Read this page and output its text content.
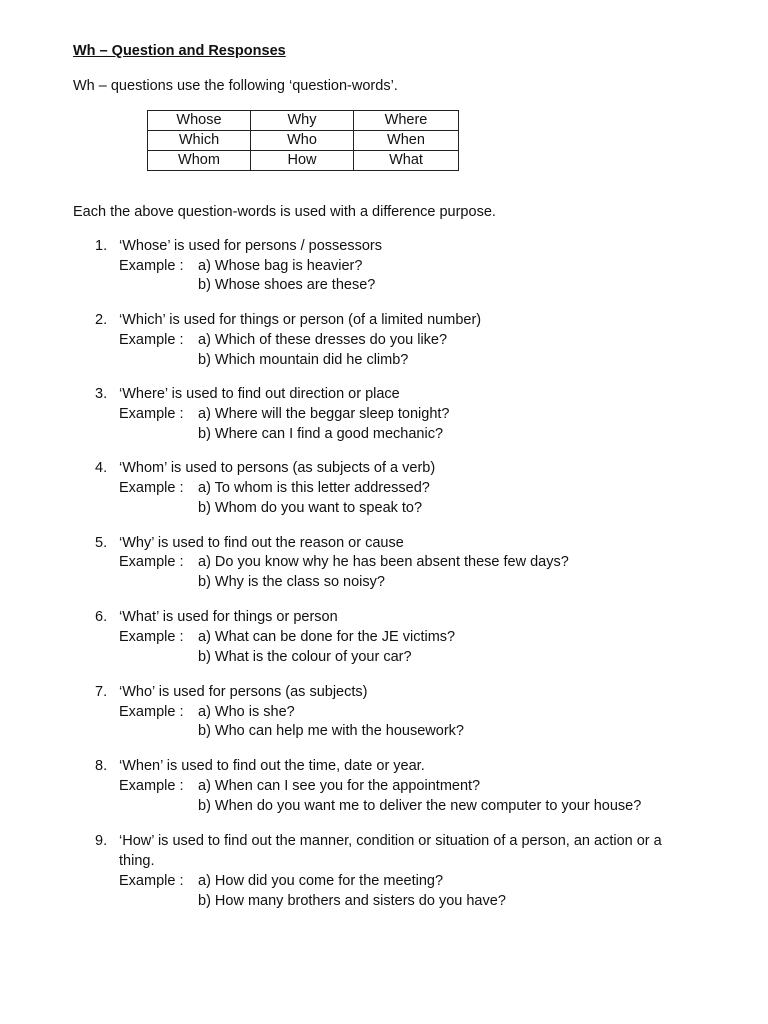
Wh – Question and Responses
Wh – questions use the following ‘question-words’.
Whose	Why	Where
Which	Who	When
Whom	How	What
Each the above question-words is used with a difference purpose.
1. ‘Whose’ is used for persons / possessors
Example : a) Whose bag is heavier?
b) Whose shoes are these?
2. ‘Which’ is used for things or person (of a limited number)
Example : a) Which of these dresses do you like?
b) Which mountain did he climb?
3. ‘Where’ is used to find out direction or place
Example : a) Where will the beggar sleep tonight?
b) Where can I find a good mechanic?
4. ‘Whom’ is used to persons (as subjects of a verb)
Example : a) To whom is this letter addressed?
b) Whom do you want to speak to?
5. ‘Why’ is used to find out the reason or cause
Example : a) Do you know why he has been absent these few days?
b) Why is the class so noisy?
6. ‘What’ is used for things or person
Example : a) What can be done for the JE victims?
b) What is the colour of your car?
7. ‘Who’ is used for persons (as subjects)
Example : a) Who is she?
b) Who can help me with the housework?
8. ‘When’ is used to find out the time, date or year.
Example : a) When can I see you for the appointment?
b) When do you want me to deliver the new computer to your house?
9. ‘How’ is used to find out the manner, condition or situation of a person, an action or a thing.
Example : a) How did you come for the meeting?
b) How many brothers and sisters do you have?
